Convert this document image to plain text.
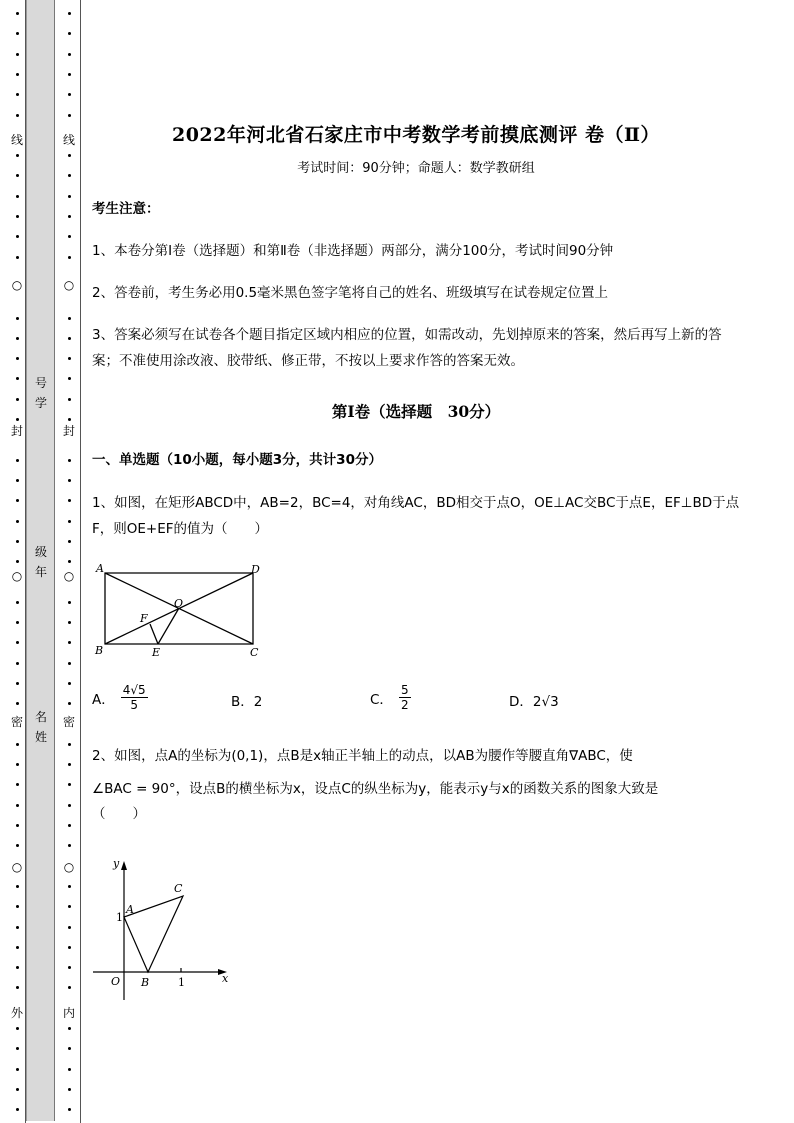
线
封
密
外
○
○
○
号
学
级
年
名
姓
线
封
密
内
○
○
○
2022年河北省石家庄市中考数学考前摸底测评 卷（Ⅱ）
考试时间：90分钟；命题人：数学教研组
考生注意：
1、本卷分第I卷（选择题）和第Ⅱ卷（非选择题）两部分，满分100分，考试时间90分钟
2、答卷前，考生务必用0.5毫米黑色签字笔将自己的姓名、班级填写在试卷规定位置上
3、答案必须写在试卷各个题目指定区域内相应的位置，如需改动，先划掉原来的答案，然后再写上新的答案；不准使用涂改液、胶带纸、修正带，不按以上要求作答的答案无效。
第I卷（选择题　30分）
一、单选题（10小题，每小题3分，共计30分）
1、如图，在矩形ABCD中，AB=2，BC=4，对角线AC，BD相交于点O，OE⊥AC交BC于点E，EF⊥BD于点F，则OE+EF的值为（　　）
A	D
B	C
O
F
E
A． $\frac{4√5}{5}$	B．2	C． $\frac{5}{2}$	D．2√3
2、如图，点A的坐标为(0,1)，点B是x轴正半轴上的动点，以AB为腰作等腰直角∇ABC，使
∠BAC = 90°，设点B的横坐标为x，设点C的纵坐标为y，能表示y与x的函数关系的图象大致是
（　　）
y
C
A
1
O B	1	x
